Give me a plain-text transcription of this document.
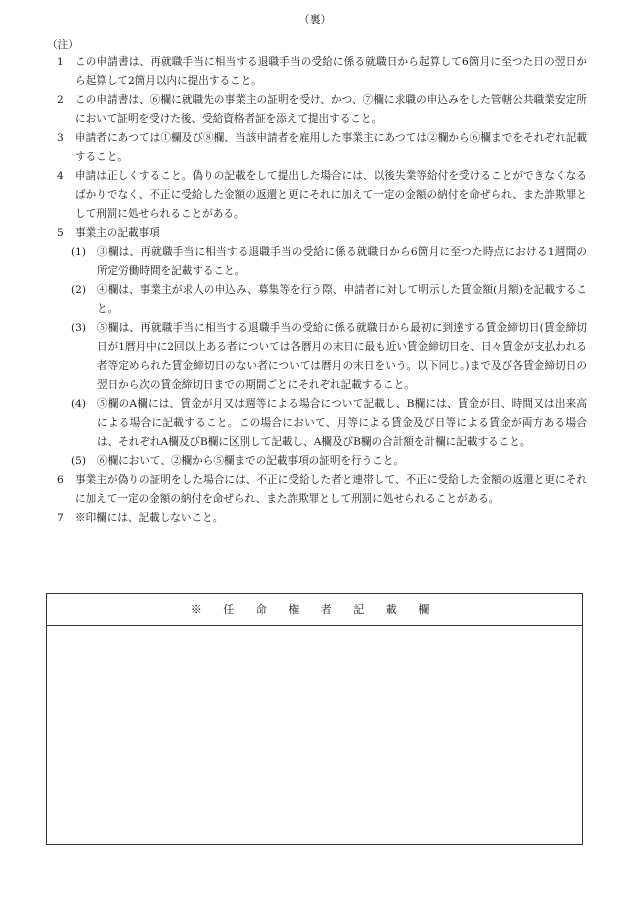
（裏）
（注）
1	この申請書は、再就職手当に相当する退職手当の受給に係る就職日から起算して6箇月に至つた日の翌日から起算して2箇月以内に提出すること。
2	この申請書は、⑥欄に就職先の事業主の証明を受け、かつ、⑦欄に求職の申込みをした管轄公共職業安定所において証明を受けた後、受給資格者証を添えて提出すること。
3	申請者にあつては①欄及び⑧欄、当該申請者を雇用した事業主にあつては②欄から⑥欄までをそれぞれ記載すること。
4	申請は正しくすること。偽りの記載をして提出した場合には、以後失業等給付を受けることができなくなるばかりでなく、不正に受給した金額の返還と更にそれに加えて一定の金額の納付を命ぜられ、また詐欺罪として刑罰に処せられることがある。
5	事業主の記載事項
(1) ③欄は、再就職手当に相当する退職手当の受給に係る就職日から6箇月に至つた時点における1週間の所定労働時間を記載すること。
(2) ④欄は、事業主が求人の申込み、募集等を行う際、申請者に対して明示した賃金額(月額)を記載すること。
(3) ⑤欄は、再就職手当に相当する退職手当の受給に係る就職日から最初に到達する賃金締切日(賃金締切日が1暦月中に2回以上ある者については各暦月の末日に最も近い賃金締切日を、日々賃金が支払われる者等定められた賃金締切日のない者については暦月の末日をいう。以下同じ。)まで及び各賃金締切日の翌日から次の賃金締切日までの期間ごとにそれぞれ記載すること。
(4) ⑤欄のA欄には、賃金が月又は週等による場合について記載し、B欄には、賃金が日、時間又は出来高による場合に記載すること。この場合において、月等による賃金及び日等による賃金が両方ある場合は、それぞれA欄及びB欄に区別して記載し、A欄及びB欄の合計額を計欄に記載すること。
(5) ⑥欄において、②欄から⑤欄までの記載事項の証明を行うこと。
6	事業主が偽りの証明をした場合には、不正に受給した者と連帯して、不正に受給した金額の返還と更にそれに加えて一定の金額の納付を命ぜられ、また詐欺罪として刑罰に処せられることがある。
7	※印欄には、記載しないこと。
※ 任 命 権 者 記 載 欄
